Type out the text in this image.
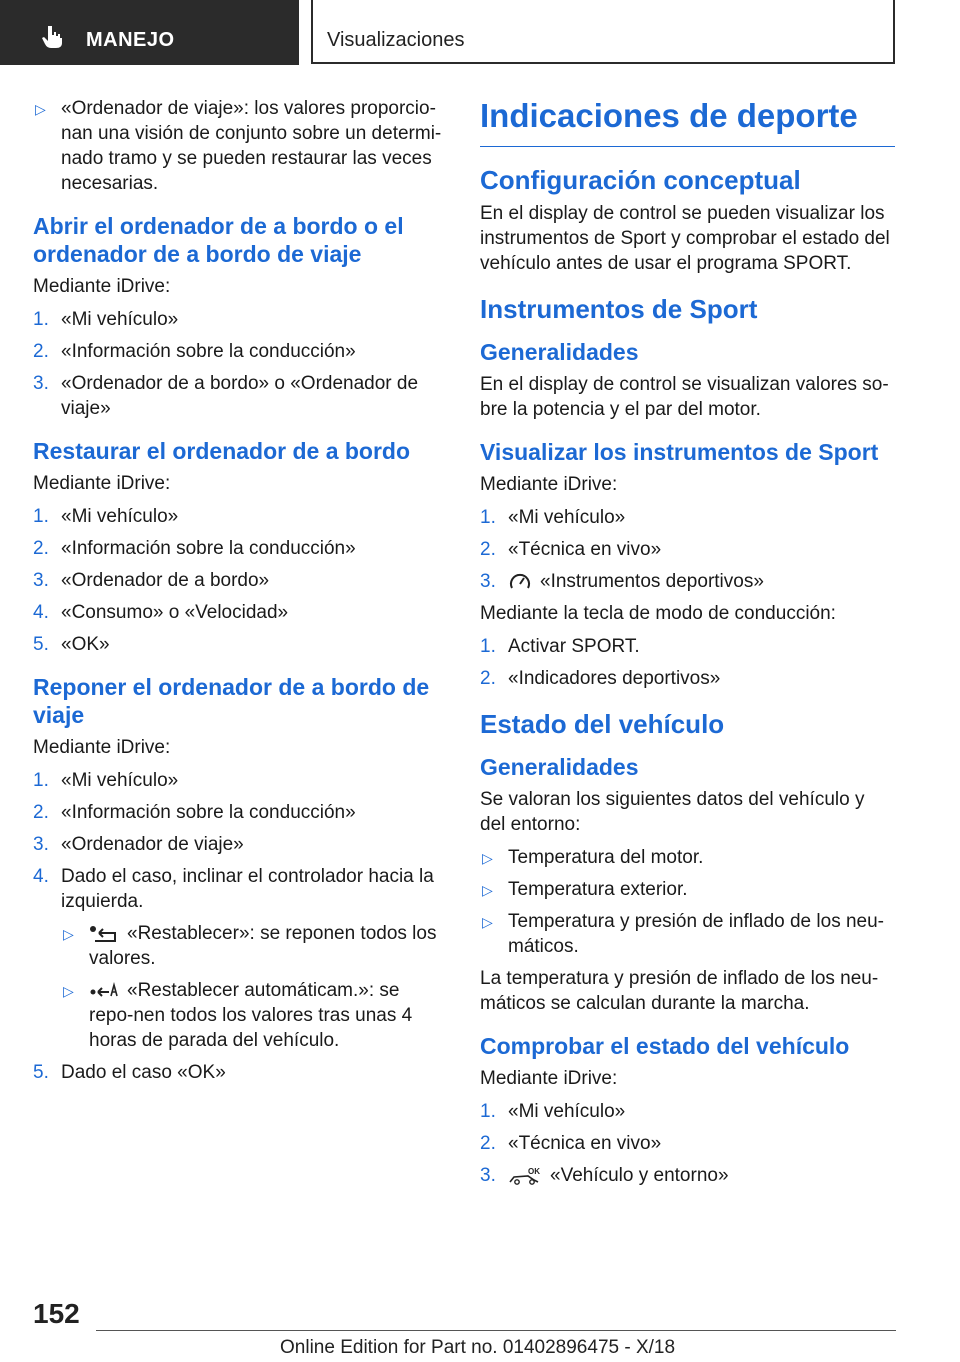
MANEJO	Visualizaciones
▷ «Ordenador de viaje»: los valores proporcio-nan una visión de conjunto sobre un determi-nado tramo y se pueden restaurar las veces necesarias.
Abrir el ordenador de a bordo o el ordenador de a bordo de viaje

Mediante iDrive:

1. «Mi vehículo»
2. «Información sobre la conducción»
3. «Ordenador de a bordo» o «Ordenador de viaje»
Restaurar el ordenador de a bordo

Mediante iDrive:

1. «Mi vehículo»
2. «Información sobre la conducción»
3. «Ordenador de a bordo»
4. «Consumo» o «Velocidad»
5. «OK»
Reponer el ordenador de a bordo de viaje

Mediante iDrive:

1. «Mi vehículo»
2. «Información sobre la conducción»
3. «Ordenador de viaje»
4. Dado el caso, inclinar el controlador hacia la izquierda.
▷	«Restablecer»: se reponen todos los valores.
▷	«Restablecer automáticam.»: se repo-nen todos los valores tras unas 4 horas de parada del vehículo.
5. Dado el caso «OK»
Indicaciones de deporte
Configuración conceptual

En el display de control se pueden visualizar los instrumentos de Sport y comprobar el estado del vehículo antes de usar el programa SPORT.

Instrumentos de Sport
Generalidades

En el display de control se visualizan valores so-bre la potencia y el par del motor.

Visualizar los instrumentos de Sport

Mediante iDrive:

1. «Mi vehículo»
2. «Técnica en vivo»
3. «Instrumentos deportivos»

Mediante la tecla de modo de conducción:

1. Activar SPORT.
2. «Indicadores deportivos»
Estado del vehículo
Generalidades

Se valoran los siguientes datos del vehículo y del entorno:

▷ Temperatura del motor.
▷ Temperatura exterior.
▷ Temperatura y presión de inflado de los neu-máticos.

La temperatura y presión de inflado de los neu-máticos se calculan durante la marcha.

Comprobar el estado del vehículo

Mediante iDrive:

1. «Mi vehículo»
2. «Técnica en vivo»
3.	OK «Vehículo y entorno»
152
Online Edition for Part no. 01402896475 - X/18
